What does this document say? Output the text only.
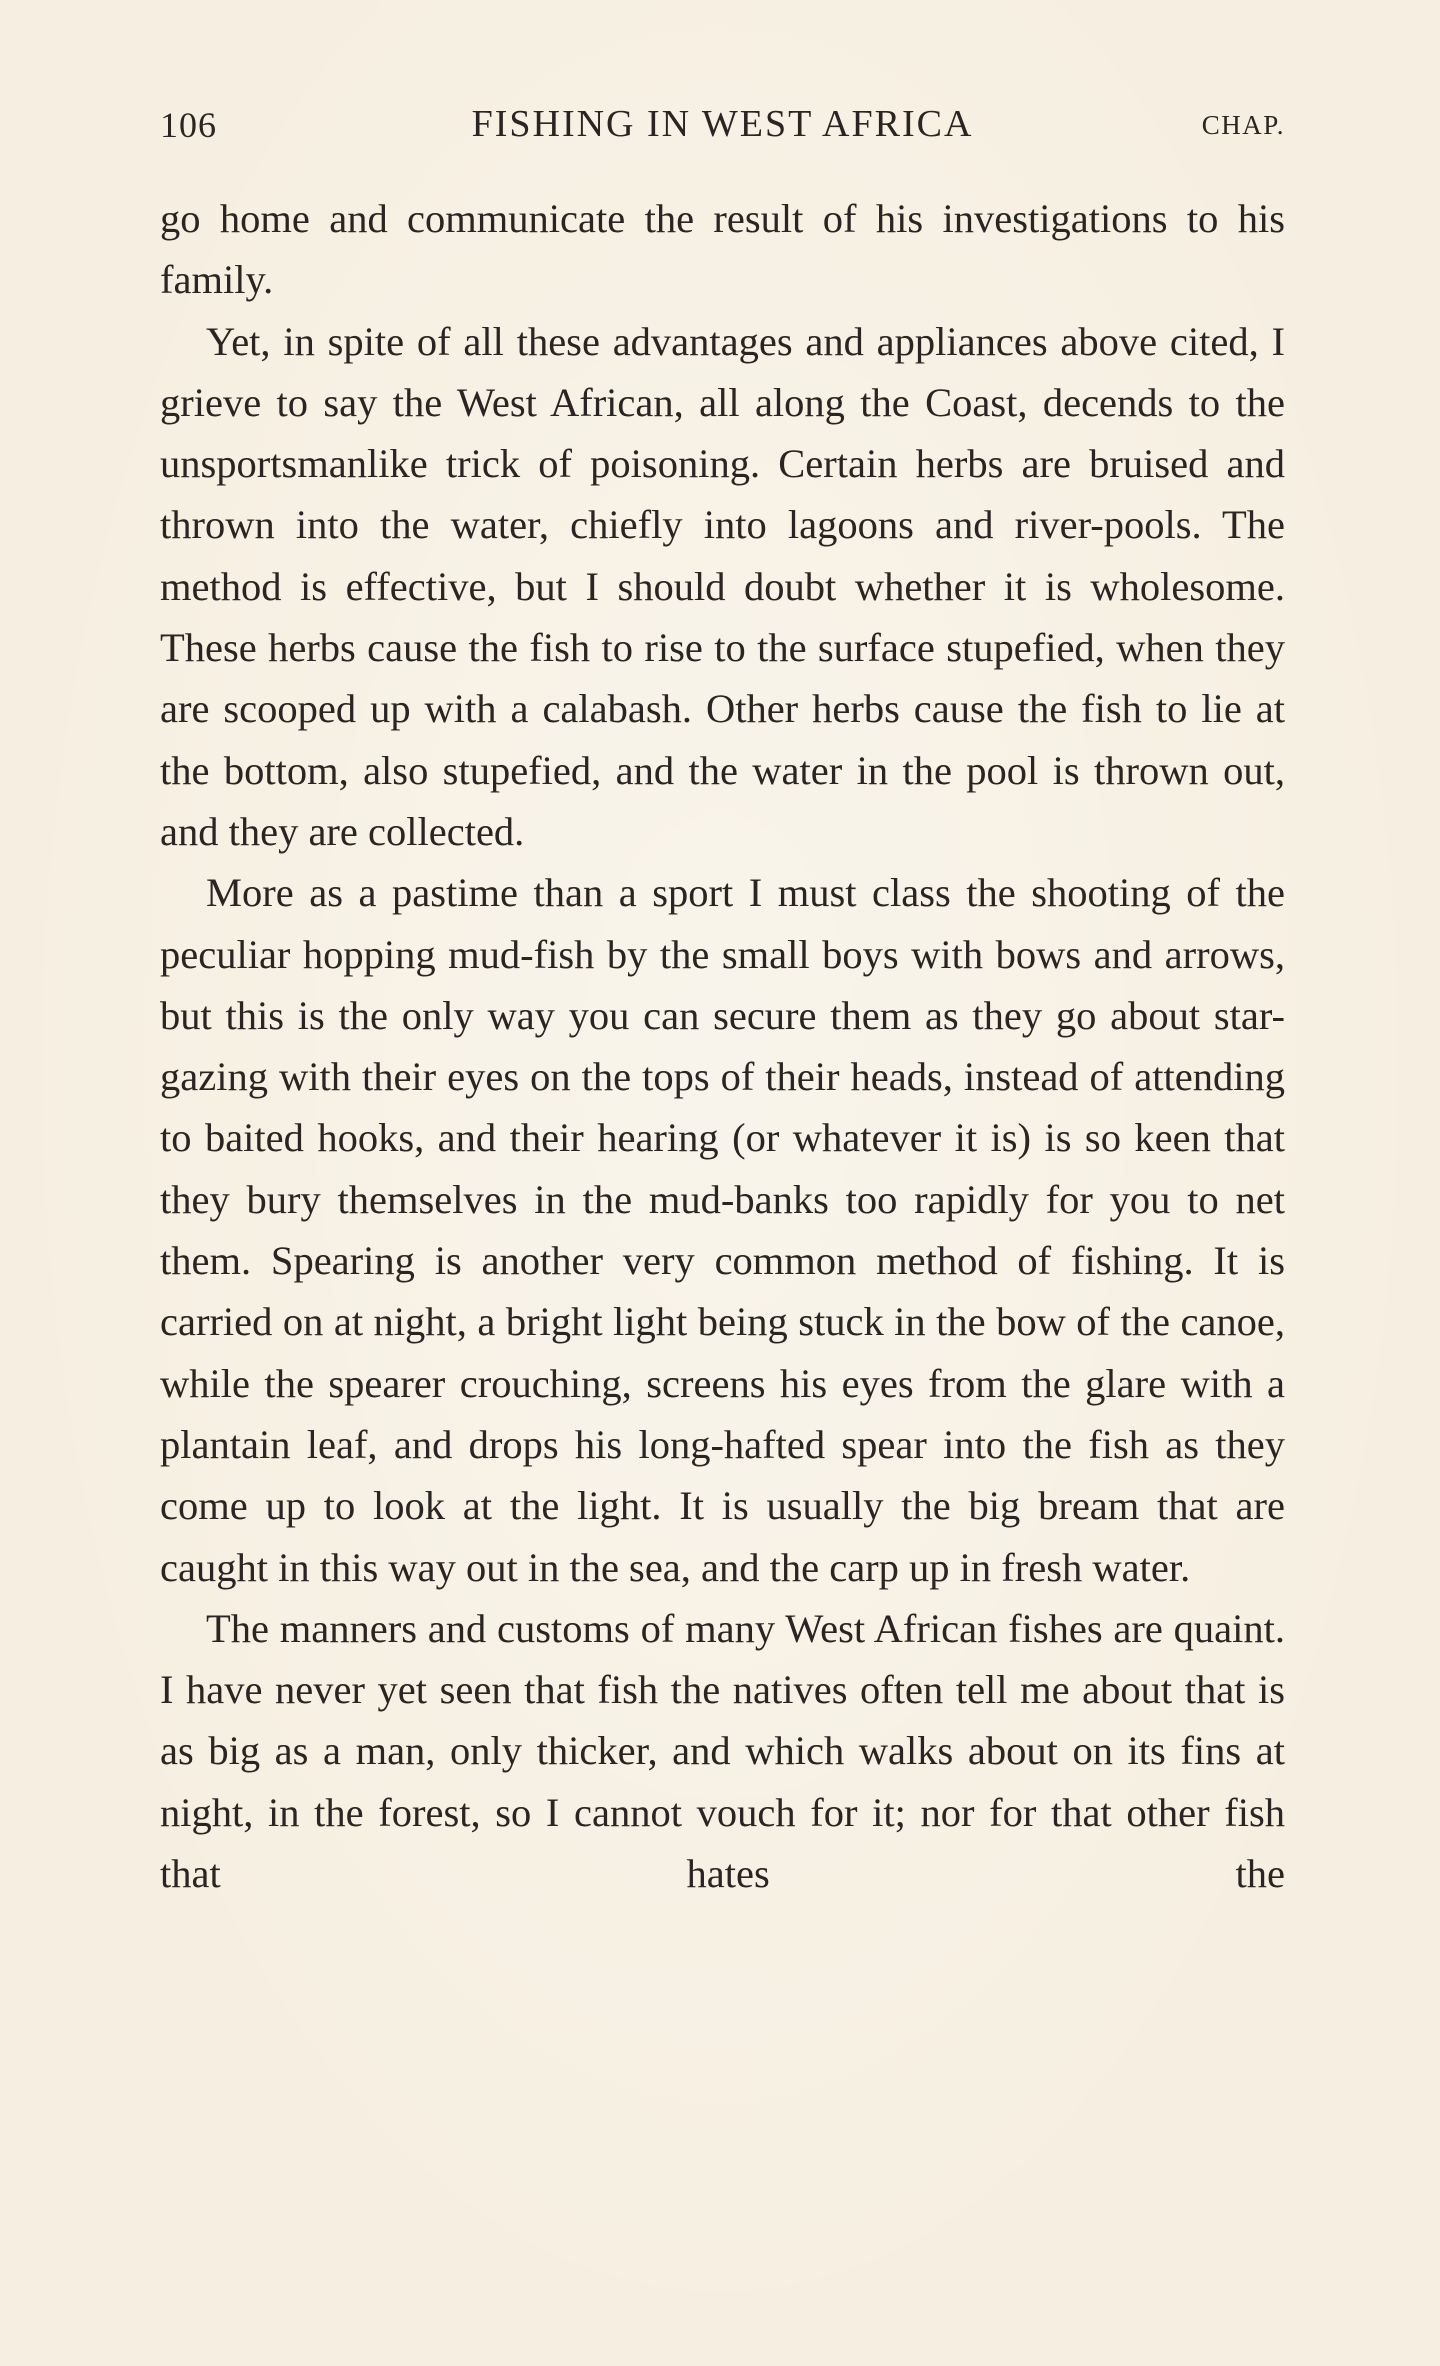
106	FISHING IN WEST AFRICA	CHAP.

go home and communicate the result of his investigations to his family.

Yet, in spite of all these advantages and appliances above cited, I grieve to say the West African, all along the Coast, decends to the unsportsmanlike trick of poisoning. Certain herbs are bruised and thrown into the water, chiefly into lagoons and river-pools. The method is effective, but I should doubt whether it is wholesome. These herbs cause the fish to rise to the surface stupefied, when they are scooped up with a calabash. Other herbs cause the fish to lie at the bottom, also stupefied, and the water in the pool is thrown out, and they are collected.

More as a pastime than a sport I must class the shooting of the peculiar hopping mud-fish by the small boys with bows and arrows, but this is the only way you can secure them as they go about star-gazing with their eyes on the tops of their heads, instead of attending to baited hooks, and their hearing (or whatever it is) is so keen that they bury themselves in the mud-banks too rapidly for you to net them. Spearing is another very common method of fishing. It is carried on at night, a bright light being stuck in the bow of the canoe, while the spearer crouching, screens his eyes from the glare with a plantain leaf, and drops his long-hafted spear into the fish as they come up to look at the light. It is usually the big bream that are caught in this way out in the sea, and the carp up in fresh water.

The manners and customs of many West African fishes are quaint. I have never yet seen that fish the natives often tell me about that is as big as a man, only thicker, and which walks about on its fins at night, in the forest, so I cannot vouch for it; nor for that other fish that hates the
